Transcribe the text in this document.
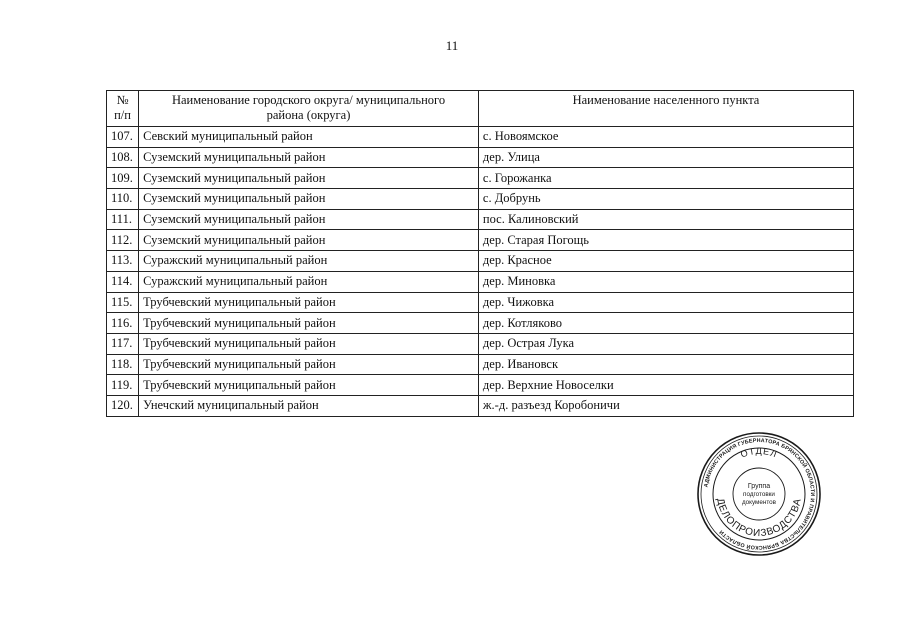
11
№ п/п	Наименование городского округа/ муниципального района (округа)	Наименование населенного пункта
107.	Севский муниципальный район	с. Новоямское
108.	Суземский муниципальный район	дер. Улица
109.	Суземский муниципальный район	с. Горожанка
110.	Суземский муниципальный район	с. Добрунь
111.	Суземский муниципальный район	пос. Калиновский
112.	Суземский муниципальный район	дер. Старая Погощь
113.	Суражский муниципальный район	дер. Красное
114.	Суражский муниципальный район	дер. Миновка
115.	Трубчевский муниципальный район	дер. Чижовка
116.	Трубчевский муниципальный район	дер. Котляково
117.	Трубчевский муниципальный район	дер. Острая Лука
118.	Трубчевский муниципальный район	дер. Ивановск
119.	Трубчевский муниципальный район	дер. Верхние Новоселки
120.	Унечский муниципальный район	ж.-д. разъезд Коробоничи
АДМИНИСТРАЦИЯ ГУБЕРНАТОРА БРЯНСКОЙ ОБЛАСТИ И ПРАВИТЕЛЬСТВА БРЯНСКОЙ ОБЛАСТИ
ОТДЕЛ
ДЕЛОПРОИЗВОДСТВА
Группа
подготовки
документов
